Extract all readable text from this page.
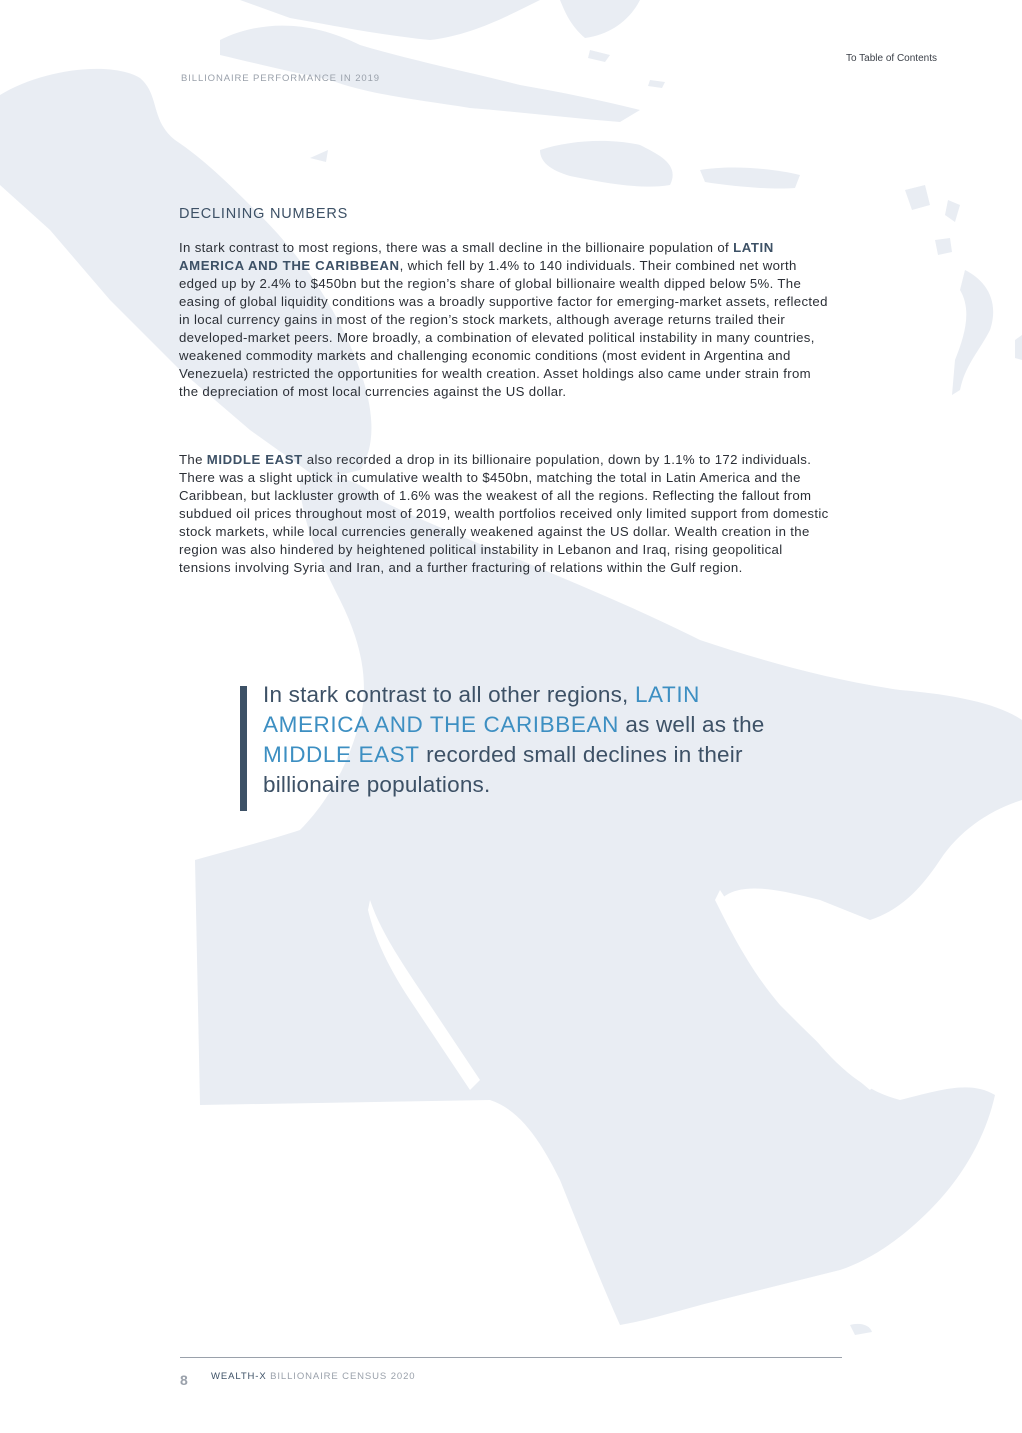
To Table of Contents
BILLIONAIRE PERFORMANCE IN 2019
DECLINING NUMBERS

In stark contrast to most regions, there was a small decline in the billionaire population of LATIN AMERICA AND THE CARIBBEAN, which fell by 1.4% to 140 individuals. Their combined net worth edged up by 2.4% to $450bn but the region’s share of global billionaire wealth dipped below 5%. The easing of global liquidity conditions was a broadly supportive factor for emerging-market assets, reflected in local currency gains in most of the region’s stock markets, although average returns trailed their developed-market peers. More broadly, a combination of elevated political instability in many countries, weakened commodity markets and challenging economic conditions (most evident in Argentina and Venezuela) restricted the opportunities for wealth creation. Asset holdings also came under strain from the depreciation of most local currencies against the US dollar.

The MIDDLE EAST also recorded a drop in its billionaire population, down by 1.1% to 172 individuals. There was a slight uptick in cumulative wealth to $450bn, matching the total in Latin America and the Caribbean, but lackluster growth of 1.6% was the weakest of all the regions. Reflecting the fallout from subdued oil prices throughout most of 2019, wealth portfolios received only limited support from domestic stock markets, while local currencies generally weakened against the US dollar. Wealth creation in the region was also hindered by heightened political instability in Lebanon and Iraq, rising geopolitical tensions involving Syria and Iran, and a further fracturing of relations within the Gulf region.

In stark contrast to all other regions, LATIN AMERICA AND THE CARIBBEAN as well as the MIDDLE EAST recorded small declines in their billionaire populations.

8 WEALTH-X BILLIONAIRE CENSUS 2020
